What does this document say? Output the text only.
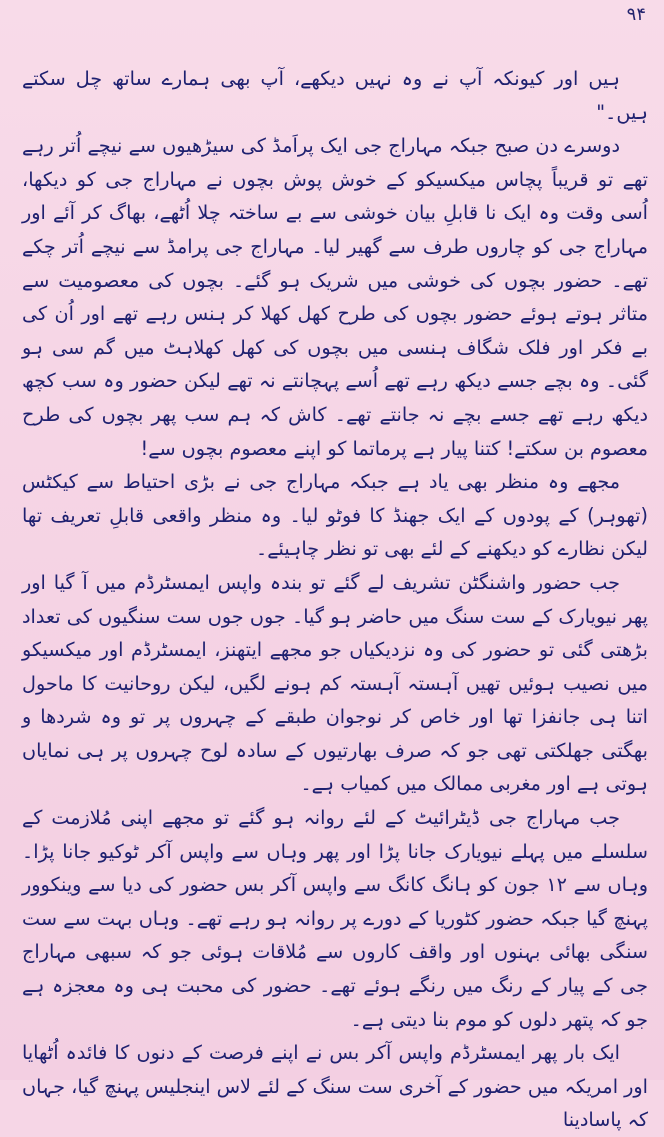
۹۴

ہیں اور کیونکہ آپ نے وہ نہیں دیکھے، آپ بھی ہمارے ساتھ چل سکتے ہیں۔"

دوسرے دن صبح جبکہ مہاراج جی ایک پراَمڈ کی سیڑھیوں سے نیچے اُتر رہے تھے تو قریباً پچاس میکسیکو کے خوش پوش بچوں نے مہاراج جی کو دیکھا، اُسی وقت وہ ایک نا قابلِ بیان خوشی سے بے ساختہ چلا اُٹھے، بھاگ کر آئے اور مہاراج جی کو چاروں طرف سے گھیر لیا۔ مہاراج جی پرامڈ سے نیچے اُتر چکے تھے۔ حضور بچوں کی خوشی میں شریک ہو گئے۔ بچوں کی معصومیت سے متاثر ہوتے ہوئے حضور بچوں کی طرح کھل کھلا کر ہنس رہے تھے اور اُن کی بے فکر اور فلک شگاف ہنسی میں بچوں کی کھل کھلاہٹ میں گم سی ہو گئی۔ وہ بچے جسے دیکھ رہے تھے اُسے پہچانتے نہ تھے لیکن حضور وہ سب کچھ دیکھ رہے تھے جسے بچے نہ جانتے تھے۔ کاش کہ ہم سب پھر بچوں کی طرح معصوم بن سکتے! کتنا پیار ہے پرماتما کو اپنے معصوم بچوں سے!

مجھے وہ منظر بھی یاد ہے جبکہ مہاراج جی نے بڑی احتیاط سے کیکٹس (تھوہر) کے پودوں کے ایک جھنڈ کا فوٹو لیا۔ وہ منظر واقعی قابلِ تعریف تھا لیکن نظارے کو دیکھنے کے لئے بھی تو نظر چاہیئے۔

جب حضور واشنگٹن تشریف لے گئے تو بندہ واپس ایمسٹرڈم میں آ گیا اور پھر نیویارک کے ست سنگ میں حاضر ہو گیا۔ جوں جوں ست سنگیوں کی تعداد بڑھتی گئی تو حضور کی وہ نزدیکیاں جو مجھے ایتھنز، ایمسٹرڈم اور میکسیکو میں نصیب ہوئیں تھیں آہستہ آہستہ کم ہونے لگیں، لیکن روحانیت کا ماحول اتنا ہی جانفزا تھا اور خاص کر نوجوان طبقے کے چہروں پر تو وہ شردھا و بھگتی جھلکتی تھی جو کہ صرف بھارتیوں کے سادہ لوح چہروں پر ہی نمایاں ہوتی ہے اور مغربی ممالک میں کمیاب ہے۔

جب مہاراج جی ڈیٹرائیٹ کے لئے روانہ ہو گئے تو مجھے اپنی مُلازمت کے سلسلے میں پہلے نیویارک جانا پڑا اور پھر وہاں سے واپس آکر ٹوکیو جانا پڑا۔ وہاں سے ۱۲ جون کو ہانگ کانگ سے واپس آکر بس حضور کی دیا سے وینکوور پہنچ گیا جبکہ حضور کٹوریا کے دورے پر روانہ ہو رہے تھے۔ وہاں بہت سے ست سنگی بھائی بہنوں اور واقف کاروں سے مُلاقات ہوئی جو کہ سبھی مہاراج جی کے پیار کے رنگ میں رنگے ہوئے تھے۔ حضور کی محبت ہی وہ معجزہ ہے جو کہ پتھر دلوں کو موم بنا دیتی ہے۔

ایک بار پھر ایمسٹرڈم واپس آکر بس نے اپنے فرصت کے دنوں کا فائدہ اُٹھایا اور امریکہ میں حضور کے آخری ست سنگ کے لئے لاس اینجلیس پہنچ گیا، جہاں کہ پاسادینا
